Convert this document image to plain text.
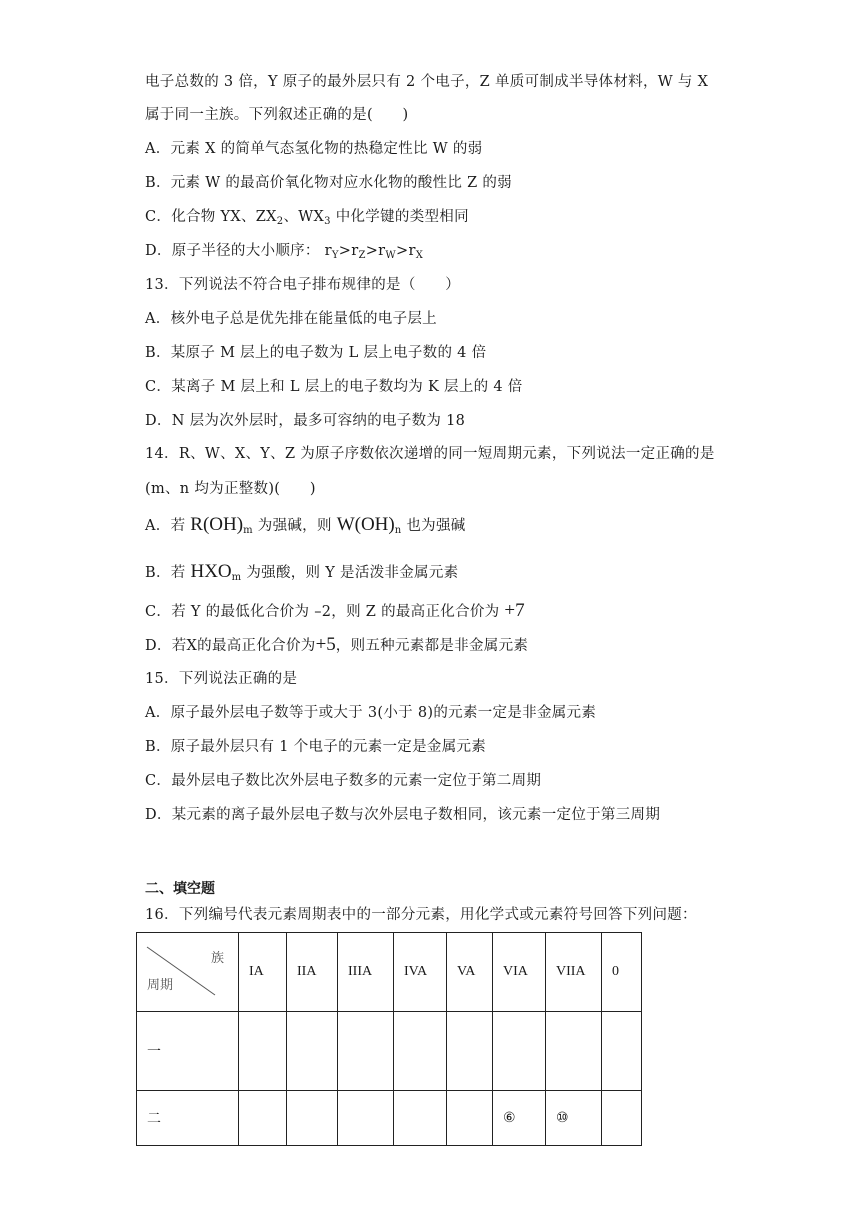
电子总数的 3 倍，Y 原子的最外层只有 2 个电子，Z 单质可制成半导体材料，W 与 X
属于同一主族。下列叙述正确的是(　　)
A．元素 X 的简单气态氢化物的热稳定性比 W 的弱
B．元素 W 的最高价氧化物对应水化物的酸性比 Z 的弱
C．化合物 YX、$ZX_2$、$WX_3$ 中化学键的类型相同
D．原子半径的大小顺序： $r_Y>r_Z>r_W>r_X$
13．下列说法不符合电子排布规律的是（　　）
A．核外电子总是优先排在能量低的电子层上
B．某原子 M 层上的电子数为 L 层上电子数的 4 倍
C．某离子 M 层上和 L 层上的电子数均为 K 层上的 4 倍
D．N 层为次外层时，最多可容纳的电子数为 18
14．R、W、X、Y、Z 为原子序数依次递增的同一短周期元素，下列说法一定正确的是
(m、n 均为正整数)(　　)
A．若 $R(OH)_m$ 为强碱，则 $W(OH)_n$ 也为强碱
B．若 $HXO_m$ 为强酸，则 Y 是活泼非金属元素
C．若 Y 的最低化合价为 –2，则 Z 的最高正化合价为 +7
D．若X的最高正化合价为+5，则五种元素都是非金属元素
15．下列说法正确的是
A．原子最外层电子数等于或大于 3(小于 8)的元素一定是非金属元素
B．原子最外层只有 1 个电子的元素一定是金属元素
C．最外层电子数比次外层电子数多的元素一定位于第二周期
D．某元素的离子最外层电子数与次外层电子数相同，该元素一定位于第三周期
二、填空题
16．下列编号代表元素周期表中的一部分元素，用化学式或元素符号回答下列问题：
族
周期	IA	IIA	IIIA	IVA	VA	VIA	VIIA	0
一								
二						⑥	⑩	
